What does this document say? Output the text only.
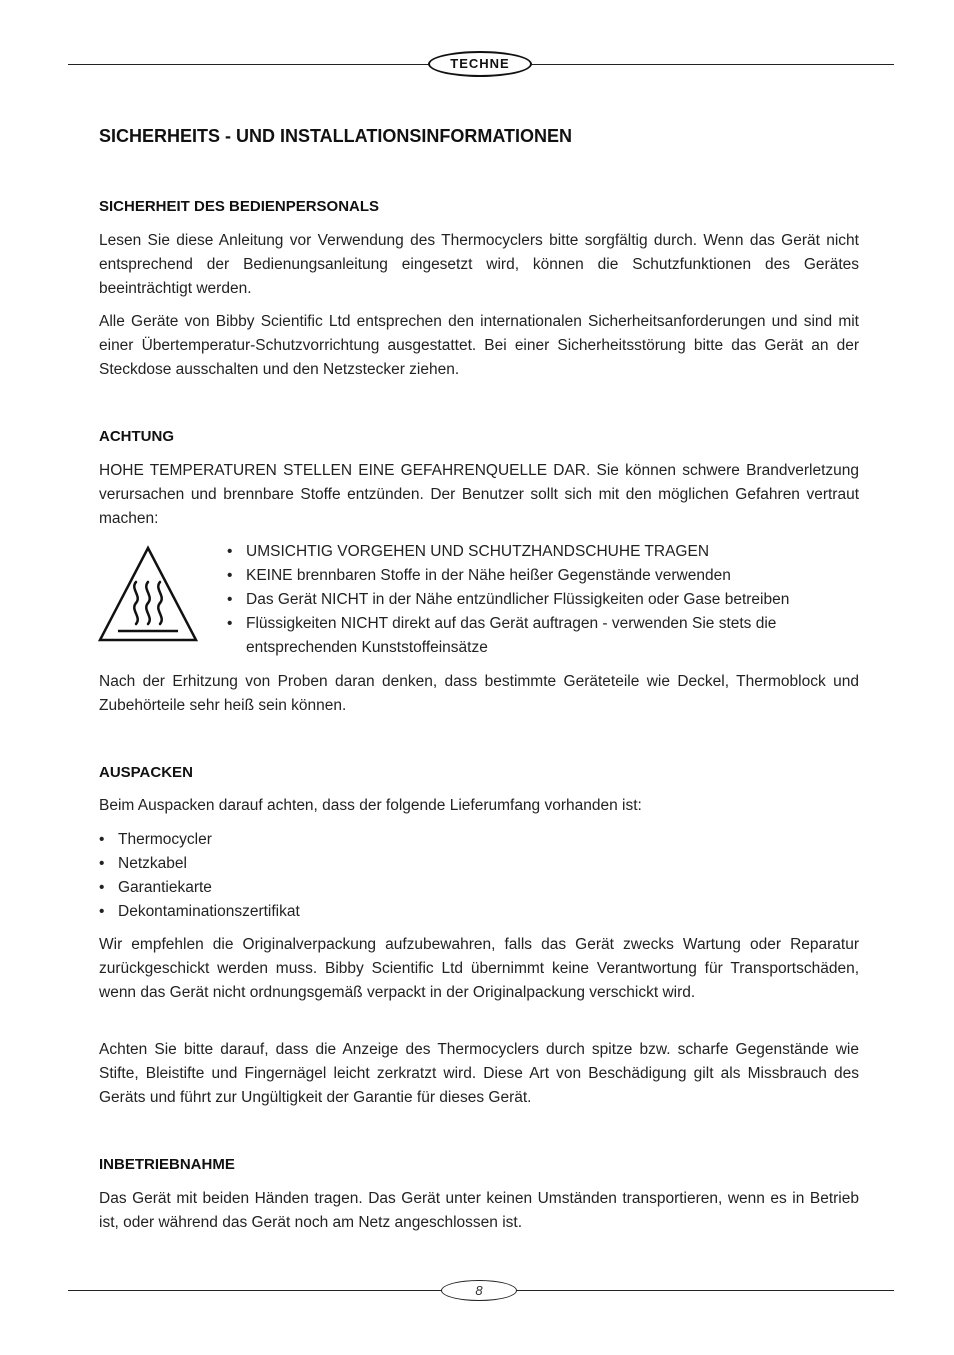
TECHNE
SICHERHEITS - UND INSTALLATIONSINFORMATIONEN
SICHERHEIT DES BEDIENPERSONALS

Lesen Sie diese Anleitung vor Verwendung des Thermocyclers bitte sorgfältig durch. Wenn das Gerät nicht entsprechend der Bedienungsanleitung eingesetzt wird, können die Schutzfunktionen des Gerätes beeinträchtigt werden.

Alle Geräte von Bibby Scientific Ltd entsprechen den internationalen Sicherheitsanforderungen und sind mit einer Übertemperatur-Schutzvorrichtung ausgestattet. Bei einer Sicherheitsstörung bitte das Gerät an der Steckdose ausschalten und den Netzstecker ziehen.

ACHTUNG

HOHE TEMPERATUREN STELLEN EINE GEFAHRENQUELLE DAR. Sie können schwere Brandverletzung verursachen und brennbare Stoffe entzünden. Der Benutzer sollt sich mit den möglichen Gefahren vertraut machen:

• UMSICHTIG VORGEHEN UND SCHUTZHANDSCHUHE TRAGEN
• KEINE brennbaren Stoffe in der Nähe heißer Gegenstände verwenden
• Das Gerät NICHT in der Nähe entzündlicher Flüssigkeiten oder Gase betreiben
• Flüssigkeiten NICHT direkt auf das Gerät auftragen - verwenden Sie stets die entsprechenden Kunststoffeinsätze

Nach der Erhitzung von Proben daran denken, dass bestimmte Geräteteile wie Deckel, Thermoblock und Zubehörteile sehr heiß sein können.

AUSPACKEN

Beim Auspacken darauf achten, dass der folgende Lieferumfang vorhanden ist:

• Thermocycler
• Netzkabel
• Garantiekarte
• Dekontaminationszertifikat

Wir empfehlen die Originalverpackung aufzubewahren, falls das Gerät zwecks Wartung oder Reparatur zurückgeschickt werden muss. Bibby Scientific Ltd übernimmt keine Verantwortung für Transportschäden, wenn das Gerät nicht ordnungsgemäß verpackt in der Originalpackung verschickt wird.

Achten Sie bitte darauf, dass die Anzeige des Thermocyclers durch spitze bzw. scharfe Gegenstände wie Stifte, Bleistifte und Fingernägel leicht zerkratzt wird. Diese Art von Beschädigung gilt als Missbrauch des Geräts und führt zur Ungültigkeit der Garantie für dieses Gerät.

INBETRIEBNAHME

Das Gerät mit beiden Händen tragen. Das Gerät unter keinen Umständen transportieren, wenn es in Betrieb ist, oder während das Gerät noch am Netz angeschlossen ist.

8
